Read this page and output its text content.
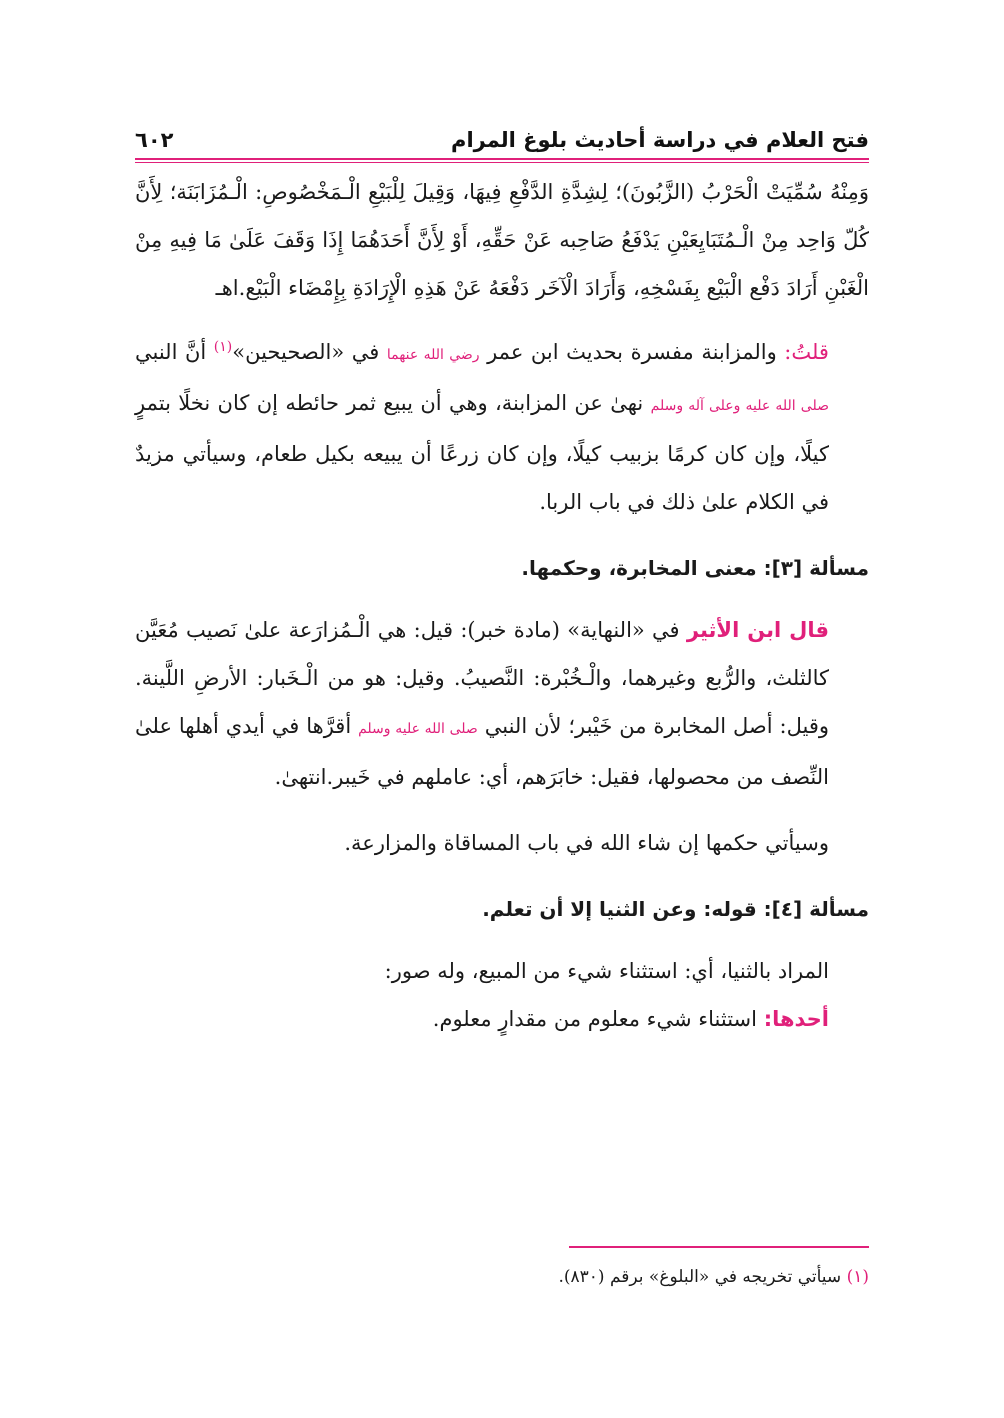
فتح العلام في دراسة أحاديث بلوغ المرام
٦٠٢

وَمِنْهُ سُمِّيَتْ الْحَرْبُ (الزَّبُونَ)؛ لِشِدَّةِ الدَّفْعِ فِيهَا، وَقِيلَ لِلْبَيْعِ الْـمَخْصُوصِ: الْـمُزَابَنَة؛ لِأَنَّ كُلّ وَاحِد مِنْ الْـمُتَبَايِعَيْنِ يَدْفَعُ صَاحِبه عَنْ حَقِّهِ، أَوْ لِأَنَّ أَحَدَهُمَا إِذَا وَقَفَ عَلَىٰ مَا فِيهِ مِنْ الْغَبْنِ أَرَادَ دَفْع الْبَيْع بِفَسْخِهِ، وَأَرَادَ الْآخَر دَفْعَهُ عَنْ هَذِهِ الْإِرَادَةِ بِإِمْضَاء الْبَيْع.اهـ

قلتُ: والمزابنة مفسرة بحديث ابن عمر رضي الله عنهما في «الصحيحين»$^{(١)}$ أنَّ النبي صلى الله عليه وعلى آله وسلم نهىٰ عن المزابنة، وهي أن يبيع ثمر حائطه إن كان نخلًا بتمرٍ كيلًا، وإن كان كرمًا بزبيب كيلًا، وإن كان زرعًا أن يبيعه بكيل طعام، وسيأتي مزيدٌ في الكلام علىٰ ذلك في باب الربا.

مسألة [٣]: معنى المخابرة، وحكمها.

قال ابن الأثير في «النهاية» (مادة خبر): قيل: هي الْـمُزارَعة علىٰ نَصيب مُعَيَّن كالثلث، والرُّبع وغيرهما، والْـخُبْرة: النَّصيبُ. وقيل: هو من الْـخَبار: الأرضِ اللَّينة. وقيل: أصل المخابرة من خَيْبر؛ لأن النبي صلى الله عليه وسلم أقرَّها في أيدي أهلها علىٰ النِّصف من محصولها، فقيل: خابَرَهم، أي: عاملهم في خَيبر.انتهىٰ.

وسيأتي حكمها إن شاء الله في باب المساقاة والمزارعة.

مسألة [٤]: قوله: وعن الثنيا إلا أن تعلم.

المراد بالثنيا، أي: استثناء شيء من المبيع، وله صور:

أحدها: استثناء شيء معلوم من مقدارٍ معلوم.

(١) سيأتي تخريجه في «البلوغ» برقم (٨٣٠).
